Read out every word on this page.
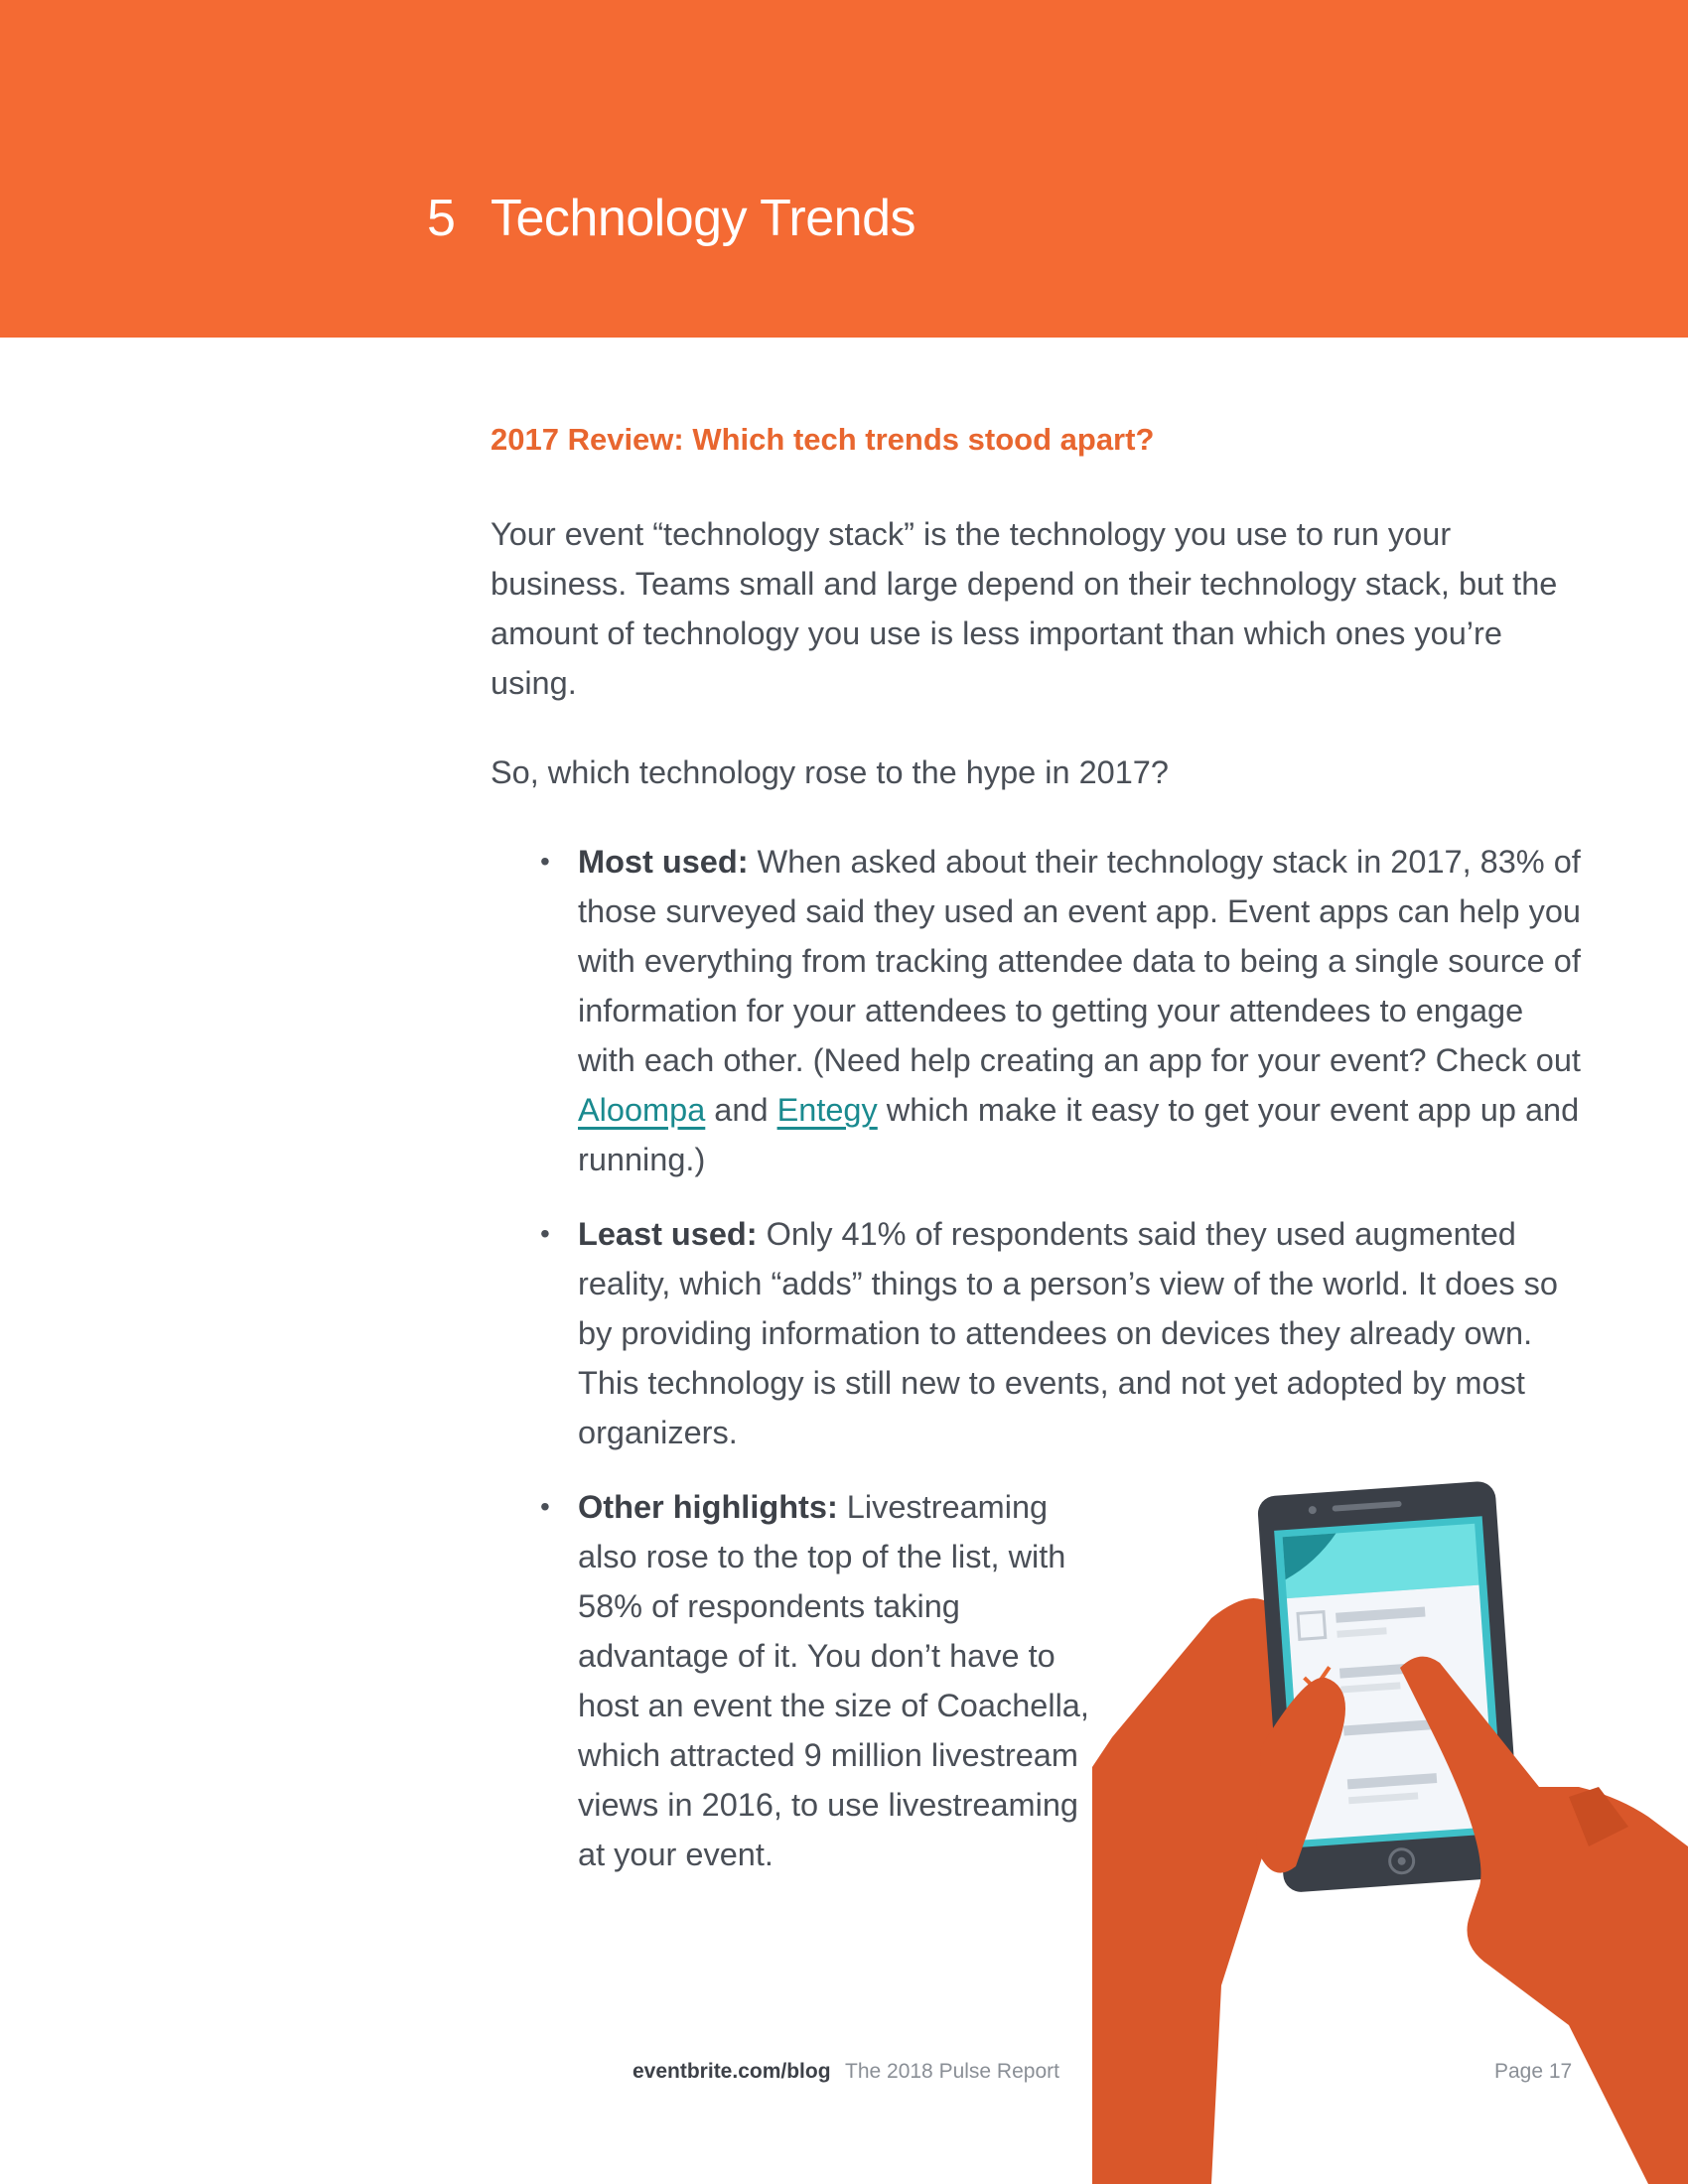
5 Technology Trends
2017 Review: Which tech trends stood apart?

Your event “technology stack” is the technology you use to run your business. Teams small and large depend on their technology stack, but the amount of technology you use is less important than which ones you’re using.

So, which technology rose to the hype in 2017?

• Most used: When asked about their technology stack in 2017, 83% of those surveyed said they used an event app. Event apps can help you with everything from tracking attendee data to being a single source of information for your attendees to getting your attendees to engage with each other. (Need help creating an app for your event? Check out Aloompa and Entegy which make it easy to get your event app up and running.)
• Least used: Only 41% of respondents said they used augmented reality, which “adds” things to a person’s view of the world. It does so by providing information to attendees on devices they already own. This technology is still new to events, and not yet adopted by most organizers.
• Other highlights: Livestreaming also rose to the top of the list, with 58% of respondents taking advantage of it. You don’t have to host an event the size of Coachella, which attracted 9 million livestream views in 2016, to use livestreaming at your event.
eventbrite.com/blog The 2018 Pulse Report	Page 17
